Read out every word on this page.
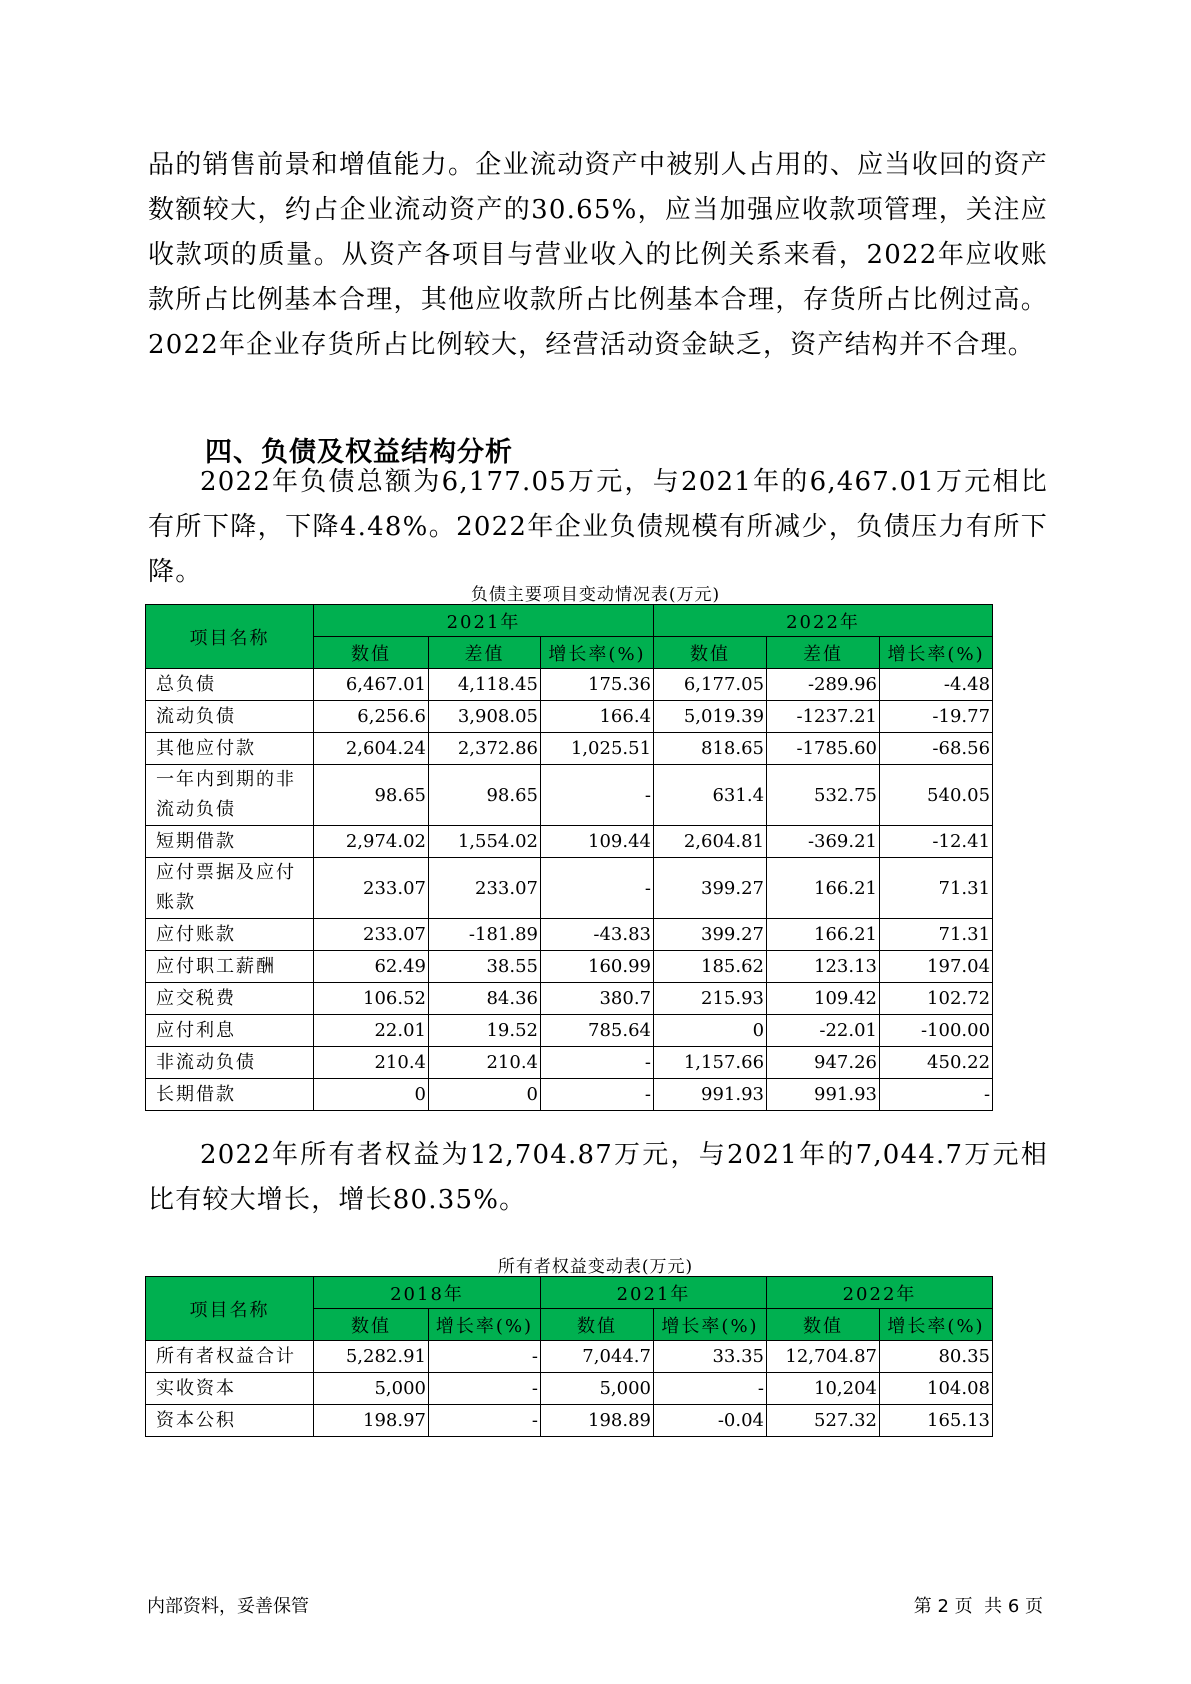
品的销售前景和增值能力。企业流动资产中被别人占用的、应当收回的资产数额较大，约占企业流动资产的30.65%，应当加强应收款项管理，关注应收款项的质量。从资产各项目与营业收入的比例关系来看，2022年应收账款所占比例基本合理，其他应收款所占比例基本合理，存货所占比例过高。2022年企业存货所占比例较大，经营活动资金缺乏，资产结构并不合理。

四、负债及权益结构分析

2022年负债总额为6,177.05万元，与2021年的6,467.01万元相比有所下降，下降4.48%。2022年企业负债规模有所减少，负债压力有所下降。

负债主要项目变动情况表(万元)
项目名称	2021年			2022年		
	数值	差值	增长率(%)	数值	差值	增长率(%)
总负债	6,467.01	4,118.45	175.36	6,177.05	-289.96	-4.48
流动负债	6,256.6	3,908.05	166.4	5,019.39	-1237.21	-19.77
其他应付款	2,604.24	2,372.86	1,025.51	818.65	-1785.60	-68.56
一年内到期的非流动负债	98.65	98.65	-	631.4	532.75	540.05
短期借款	2,974.02	1,554.02	109.44	2,604.81	-369.21	-12.41
应付票据及应付账款	233.07	233.07	-	399.27	166.21	71.31
应付账款	233.07	-181.89	-43.83	399.27	166.21	71.31
应付职工薪酬	62.49	38.55	160.99	185.62	123.13	197.04
应交税费	106.52	84.36	380.7	215.93	109.42	102.72
应付利息	22.01	19.52	785.64	0	-22.01	-100.00
非流动负债	210.4	210.4	-	1,157.66	947.26	450.22
长期借款	0	0	-	991.93	991.93	-

2022年所有者权益为12,704.87万元，与2021年的7,044.7万元相比有较大增长，增长80.35%。

所有者权益变动表(万元)
项目名称	2018年		2021年		2022年	
	数值	增长率(%)	数值	增长率(%)	数值	增长率(%)
所有者权益合计	5,282.91	-	7,044.7	33.35	12,704.87	80.35
实收资本	5,000	-	5,000	-	10,204	104.08
资本公积	198.97	-	198.89	-0.04	527.32	165.13
内部资料，妥善保管	第 2 页  共 6 页
